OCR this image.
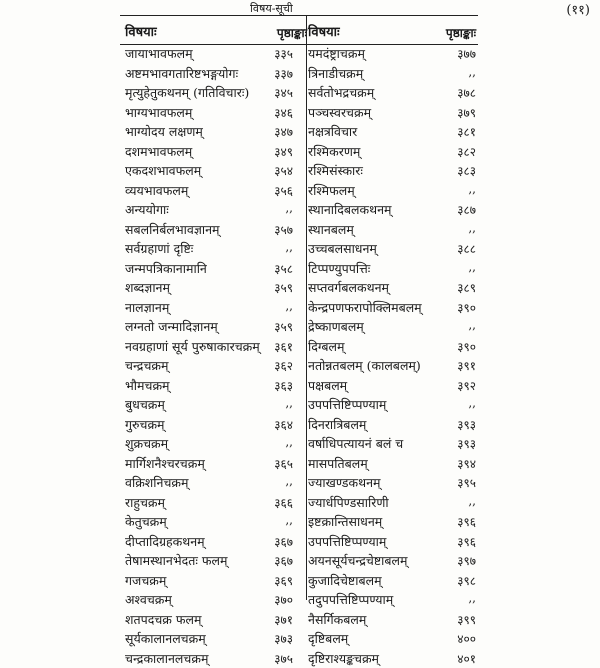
विषय-सूची	(११)
विषयाः	पृष्ठाङ्काः
जायाभावफलम्	३३५
अष्टमभावगतारिष्टभङ्गयोगः	३३७
मृत्युहेतुकथनम् (गतिविचारः) ३४५
भाग्यभावफलम्	३४६
भाग्योदय लक्षणम्	३४७
दशमभावफलम्	३४९
एकदशभावफलम्	३५४
व्ययभावफलम्	३५६
अन्ययोगाः	,,
सबलनिर्बलभावज्ञानम्	३५७
सर्वग्रहाणां दृष्टिः	,,
जन्मपत्रिकानामानि	३५८
शब्दज्ञानम्	३५९
नालज्ञानम्	,,
लग्नतो जन्मादिज्ञानम्	३५९
नवग्रहाणां सूर्य पुरुषाकारचक्रम् ३६१
चन्द्रचक्रम्	३६२
भौमचक्रम्	३६३
बुधचक्रम्	,,
गुरुचक्रम्	३६४
शुक्रचक्रम्	,,
मार्गिशनैश्चरचक्रम्	३६५
वक्रिशनिचक्रम्	,,
राहुचक्रम्	३६६
केतुचक्रम्	,,
दीप्तादिग्रहकथनम्	३६७
तेषामस्थानभेदतः फलम्	३६७
गजचक्रम्	३६९
अश्वचक्रम्	३७०
शतपदचक्र फलम्	३७१
सूर्यकालानलचक्रम्	३७३
चन्द्रकालानलचक्रम्	३७५
विषयाः	पृष्ठाङ्काः
यमदंष्ट्राचक्रम्	३७७
त्रिनाडीचक्रम्	,,
सर्वतोभद्रचक्रम्	३७८
पञ्चस्वरचक्रम्	३७९
नक्षत्रविचार	३८१
रश्मिकरणम्	३८२
रश्मिसंस्कारः	३८३
रश्मिफलम्	,,
स्थानादिबलकथनम्	३८७
स्थानबलम्	,,
उच्चबलसाधनम्	३८८
टिप्पण्युपपत्तिः	,,
सप्तवर्गबलकथनम्	३८९
केन्द्रपणफरापोक्लिमबलम्	३९०
द्रेष्काणबलम्	,,
दिग्बलम्	३९०
नतोन्नतबलम् (कालबलम्)	३९१
पक्षबलम्	३९२
उपपत्तिष्टिप्पण्याम्	,,
दिनरात्रिबलम्	३९३
वर्षाधिपत्यायनं बलं च	३९३
मासपतिबलम्	३९४
ज्याखण्डकथनम्	३९५
ज्यार्धपिण्डसारिणी	,,
इष्टक्रान्तिसाधनम्	३९६
उपपत्तिष्टिप्पण्याम्	३९६
अयनसूर्यचन्द्रचेष्टाबलम्	३९७
कुजादिचेष्टाबलम्	३९८
तदुपपत्तिष्टिप्पण्याम्	,,
नैसर्गिकबलम्	३९९
दृष्टिबलम्	४००
दृष्टिराश्यङ्कचक्रम्	४०१
